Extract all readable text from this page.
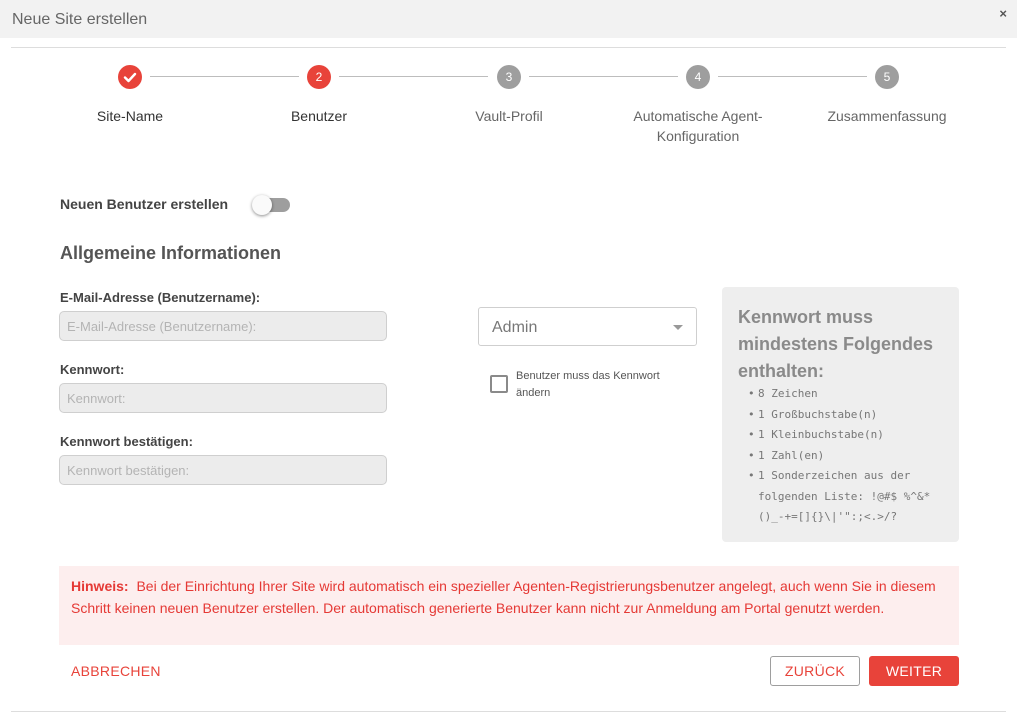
Neue Site erstellen	×
2	3	4	5
Site-Name	Benutzer	Vault-Profil	Automatische Agent-
Konfiguration
Zusammenfassung
Neuen Benutzer erstellen
Allgemeine Informationen
E-Mail-Adresse (Benutzername):
E-Mail-Adresse (Benutzername):
Kennwort:
Kennwort:
Kennwort bestätigen:
Kennwort bestätigen:
Admin
Benutzer muss das Kennwort ändern
Kennwort muss mindestens Folgendes enthalten:
• 8 Zeichen
• 1 Großbuchstabe(n)
• 1 Kleinbuchstabe(n)
• 1 Zahl(en)
• 1 Sonderzeichen aus der folgenden Liste: !@#$ %^&*()_-+=[]{}\|'":;<.>/?
Hinweis: Bei der Einrichtung Ihrer Site wird automatisch ein spezieller Agenten-Registrierungsbenutzer angelegt, auch wenn Sie in diesem Schritt keinen neuen Benutzer erstellen. Der automatisch generierte Benutzer kann nicht zur Anmeldung am Portal genutzt werden.
ABBRECHEN	ZURÜCK	WEITER
